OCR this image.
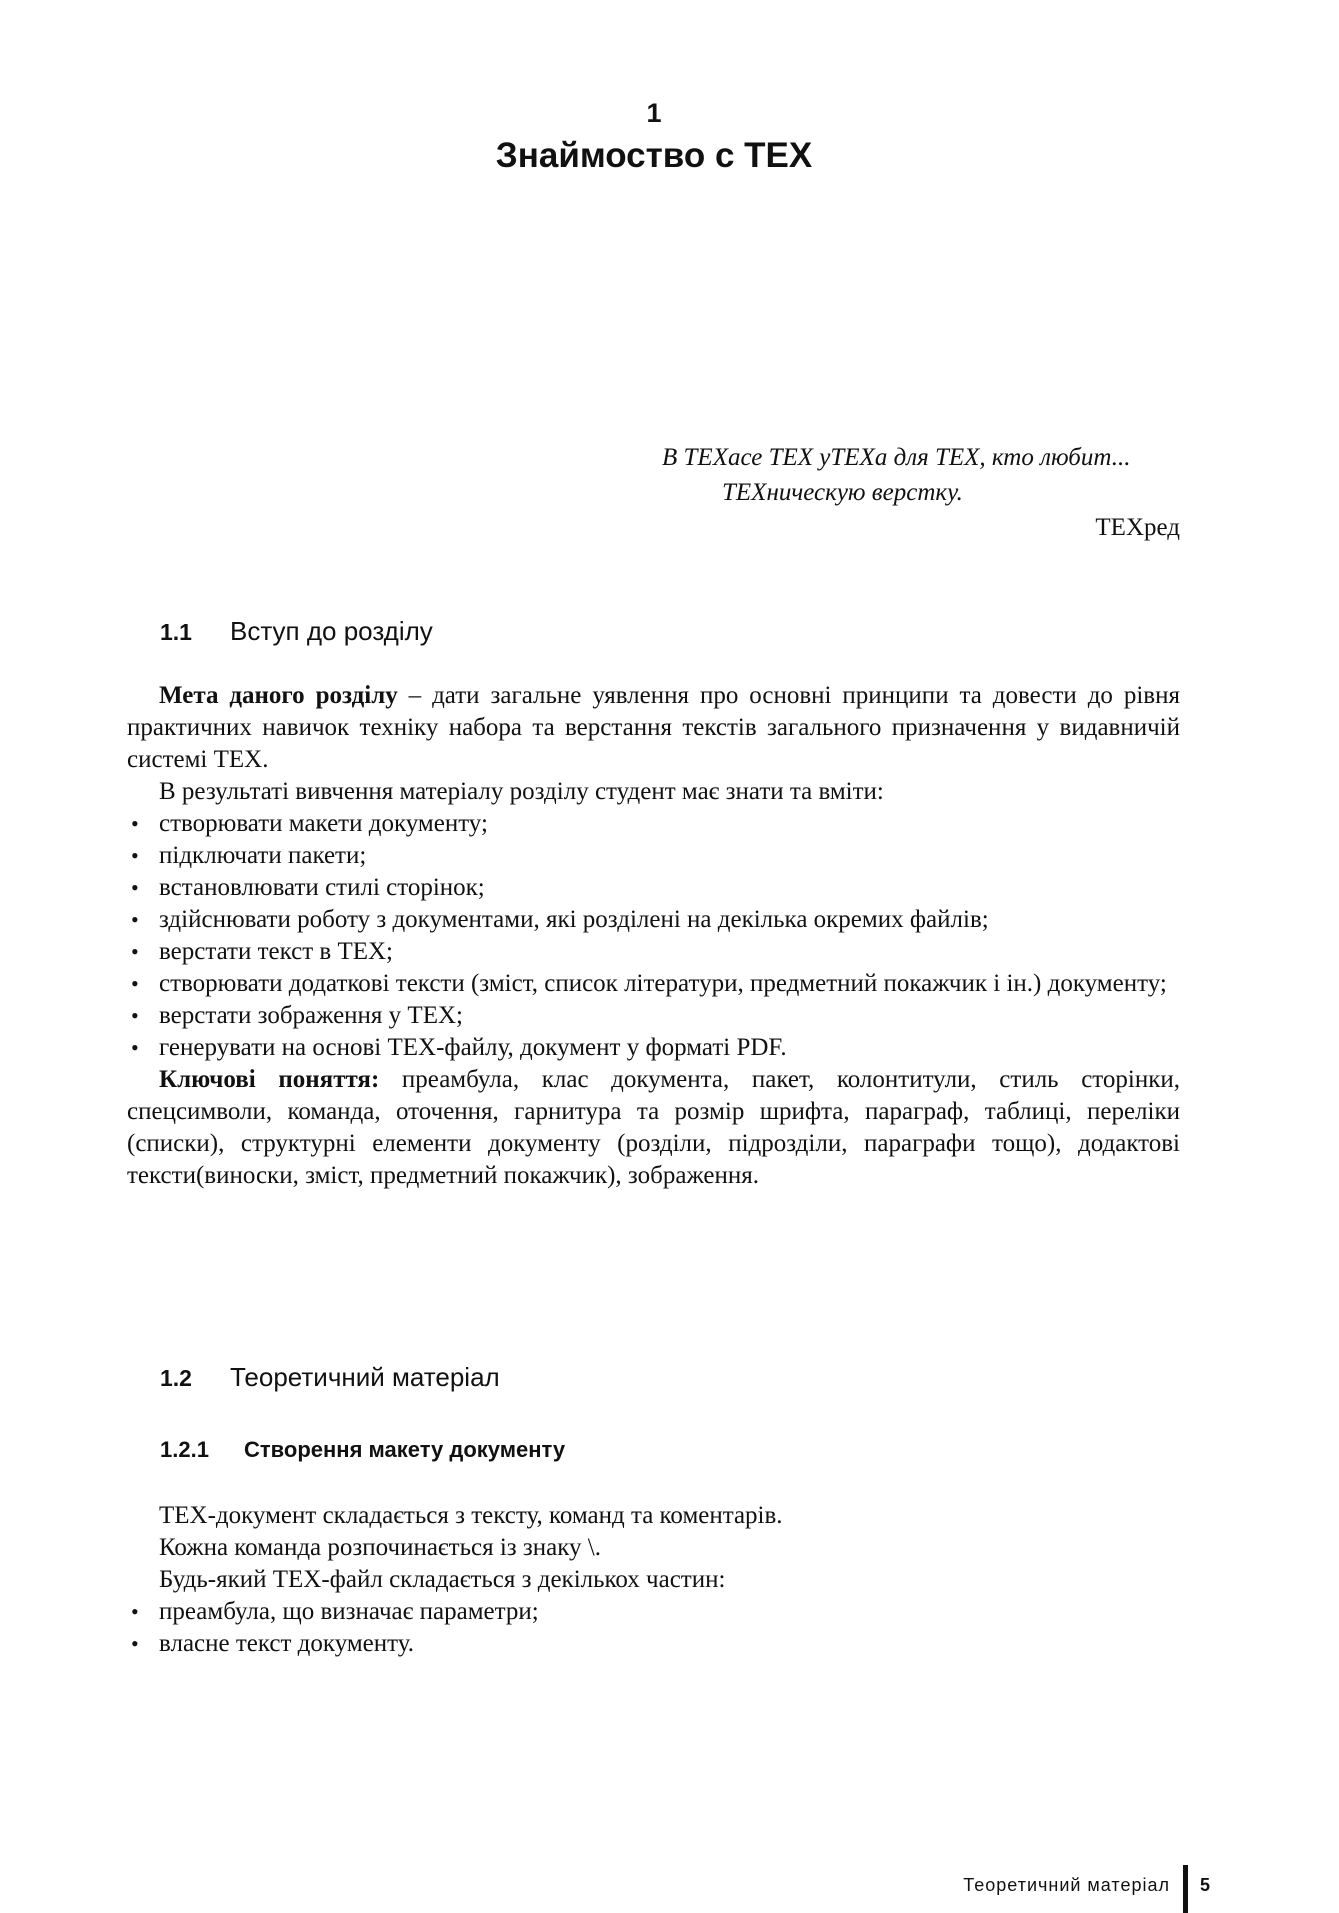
1
Знаймоство с TEX
В TEXасе TEX уTEXа для TEX, кто любит...
TEXническую верстку.
TEXред
1.1 Вступ до розділу

Мета даного розділу – дати загальне уявлення про основні принципи та довести до рівня практичних навичок техніку набора та верстання текстів загального призначення у видавничій системі TEX.

В результаті вивчення матеріалу розділу студент має знати та вміти:

• створювати макети документу;
• підключати пакети;
• встановлювати стилі сторінок;
• здійснювати роботу з документами, які розділені на декілька окремих файлів;
• верстати текст в TEX;
• створювати додаткові тексти (зміст, список літератури, предметний покажчик і ін.) документу;
• верстати зображення у TEX;
• генерувати на основі TEX-файлу, документ у форматі PDF.

Ключові поняття: преамбула, клас документа, пакет, колонтитули, стиль сторінки, спецсимволи, команда, оточення, гарнитура та розмір шрифта, параграф, таблиці, переліки (списки), структурні елементи документу (розділи, підрозділи, параграфи тощо), додактові тексти(виноски, зміст, предметний покажчик), зображення.

1.2 Теоретичний матеріал
1.2.1 Створення макету документу

TEX-документ складається з тексту, команд та коментарів.

Кожна команда розпочинається із знаку \.

Будь-який TEX-файл складається з декількох частин:

• преамбула, що визначає параметри;
• власне текст документу.
Теоретичний матеріал 5
